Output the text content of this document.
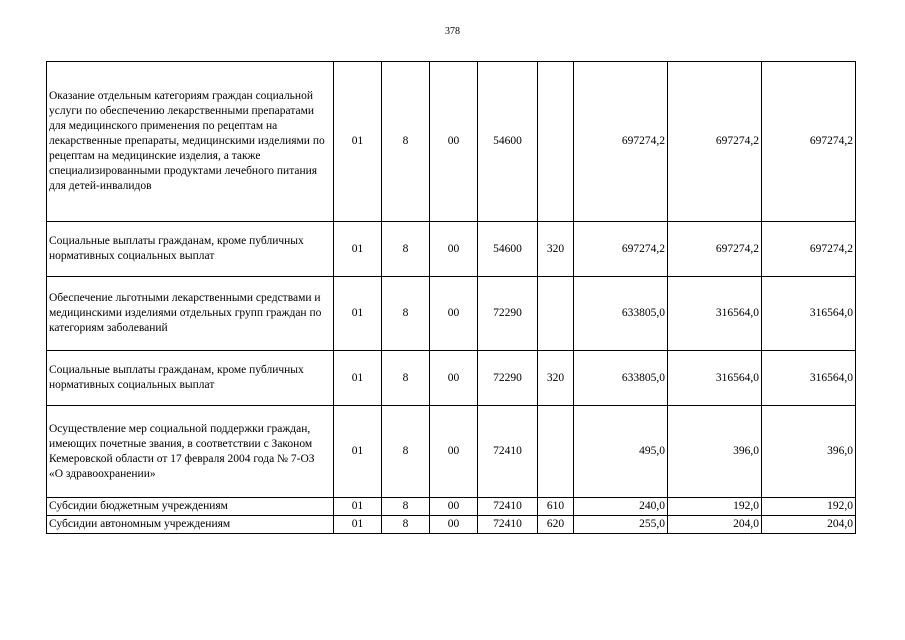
378
Оказание отдельным категориям граждан социальной услуги по обеспечению лекарственными препаратами для медицинского применения по рецептам на лекарственные препараты, медицинскими изделиями по рецептам на медицинские изделия, а также специализированными продуктами лечебного питания для детей-инвалидов	01	8	00	54600		697274,2	697274,2	697274,2
Социальные выплаты гражданам, кроме публичных нормативных социальных выплат	01	8	00	54600	320	697274,2	697274,2	697274,2
Обеспечение льготными лекарственными средствами и медицинскими изделиями отдельных групп граждан по категориям заболеваний	01	8	00	72290		633805,0	316564,0	316564,0
Социальные выплаты гражданам, кроме публичных нормативных социальных выплат	01	8	00	72290	320	633805,0	316564,0	316564,0
Осуществление мер социальной поддержки граждан, имеющих почетные звания, в соответствии с Законом Кемеровской области от 17 февраля 2004 года № 7-ОЗ «О здравоохранении»	01	8	00	72410		495,0	396,0	396,0
Субсидии бюджетным учреждениям	01	8	00	72410	610	240,0	192,0	192,0
Субсидии автономным учреждениям	01	8	00	72410	620	255,0	204,0	204,0
